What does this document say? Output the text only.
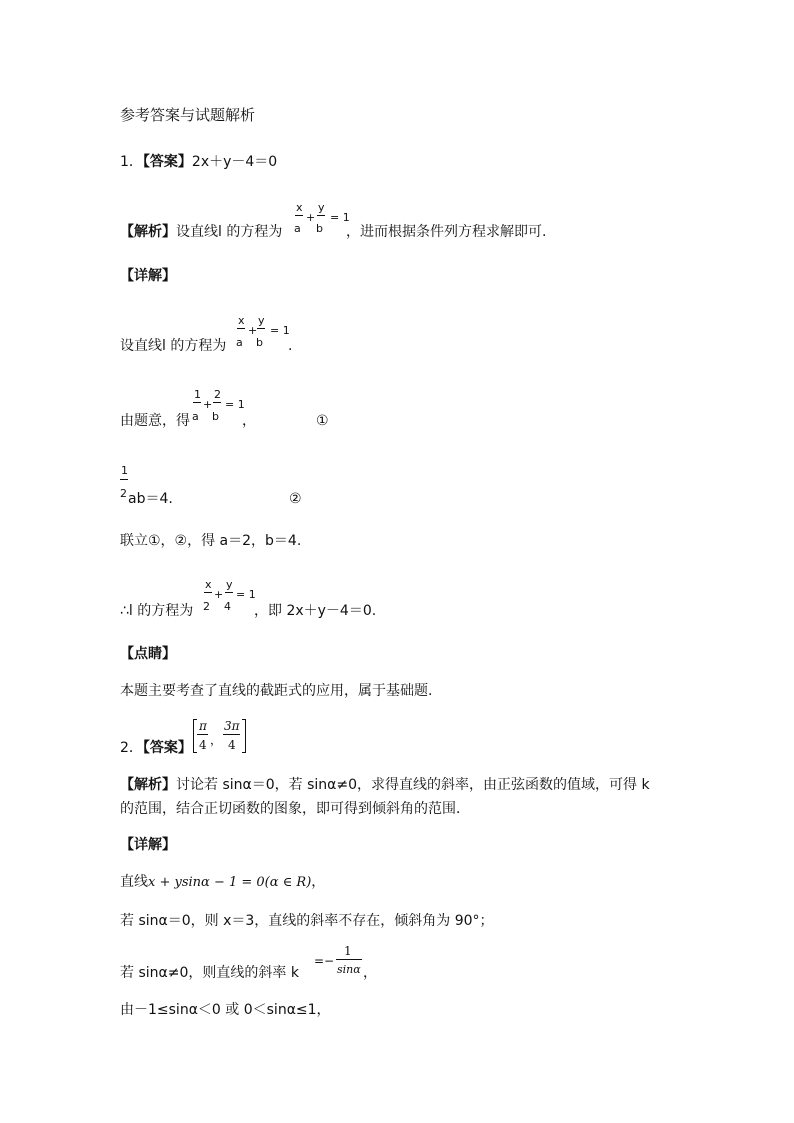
参考答案与试题解析
1．【答案】2x＋y－4＝0
【解析】设直线l 的方程为
x
a
+
y
b
= 1
，进而根据条件列方程求解即可.
【详解】
设直线l 的方程为
x
a
+
y
b
= 1
.
由题意，得
1
a
+
2
b
= 1
，	①
1
2 ab＝4.	②
联立①，②，得 a＝2，b＝4.
∴l 的方程为
x
2
+
y
4
= 1
，即 2x＋y－4＝0.
【点睛】
本题主要考查了直线的截距式的应用，属于基础题.
2．【答案】
π
4 ，
3π
4
【解析】讨论若 sinα＝0，若 sinα≠0，求得直线的斜率，由正弦函数的值域，可得 k
的范围，结合正切函数的图象，即可得到倾斜角的范围．
【详解】
直线x + ysinα − 1 = 0(α ∈ R)，
若 sinα＝0，则 x＝3，直线的斜率不存在，倾斜角为 90°；
若 sinα≠0，则直线的斜率 k
=−
1
sinα ，
由－1≤sinα＜0 或 0＜sinα≤1，
